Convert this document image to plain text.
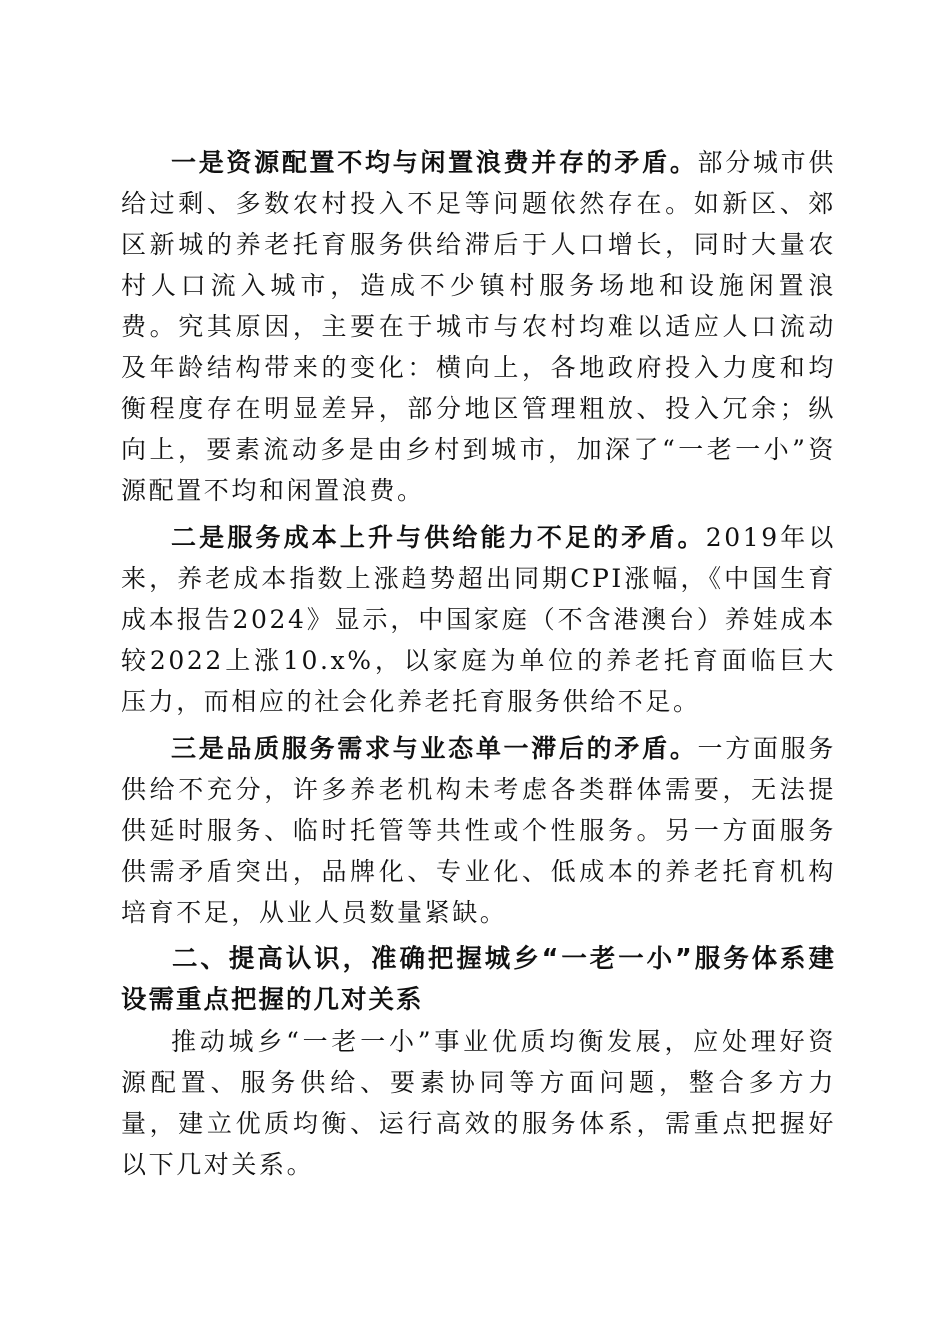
一是资源配置不均与闲置浪费并存的矛盾。部分城市供给过剩、多数农村投入不足等问题依然存在。如新区、郊区新城的养老托育服务供给滞后于人口增长，同时大量农村人口流入城市，造成不少镇村服务场地和设施闲置浪费。究其原因，主要在于城市与农村均难以适应人口流动及年龄结构带来的变化：横向上，各地政府投入力度和均衡程度存在明显差异，部分地区管理粗放、投入冗余；纵向上，要素流动多是由乡村到城市，加深了“一老一小”资源配置不均和闲置浪费。

二是服务成本上升与供给能力不足的矛盾。2019年以来，养老成本指数上涨趋势超出同期CPI涨幅，《中国生育成本报告2024》显示，中国家庭（不含港澳台）养娃成本较2022上涨10.x%，以家庭为单位的养老托育面临巨大压力，而相应的社会化养老托育服务供给不足。

三是品质服务需求与业态单一滞后的矛盾。一方面服务供给不充分，许多养老机构未考虑各类群体需要，无法提供延时服务、临时托管等共性或个性服务。另一方面服务供需矛盾突出，品牌化、专业化、低成本的养老托育机构培育不足，从业人员数量紧缺。

二、提高认识，准确把握城乡“一老一小”服务体系建设需重点把握的几对关系

推动城乡“一老一小”事业优质均衡发展，应处理好资源配置、服务供给、要素协同等方面问题，整合多方力量，建立优质均衡、运行高效的服务体系，需重点把握好以下几对关系。
